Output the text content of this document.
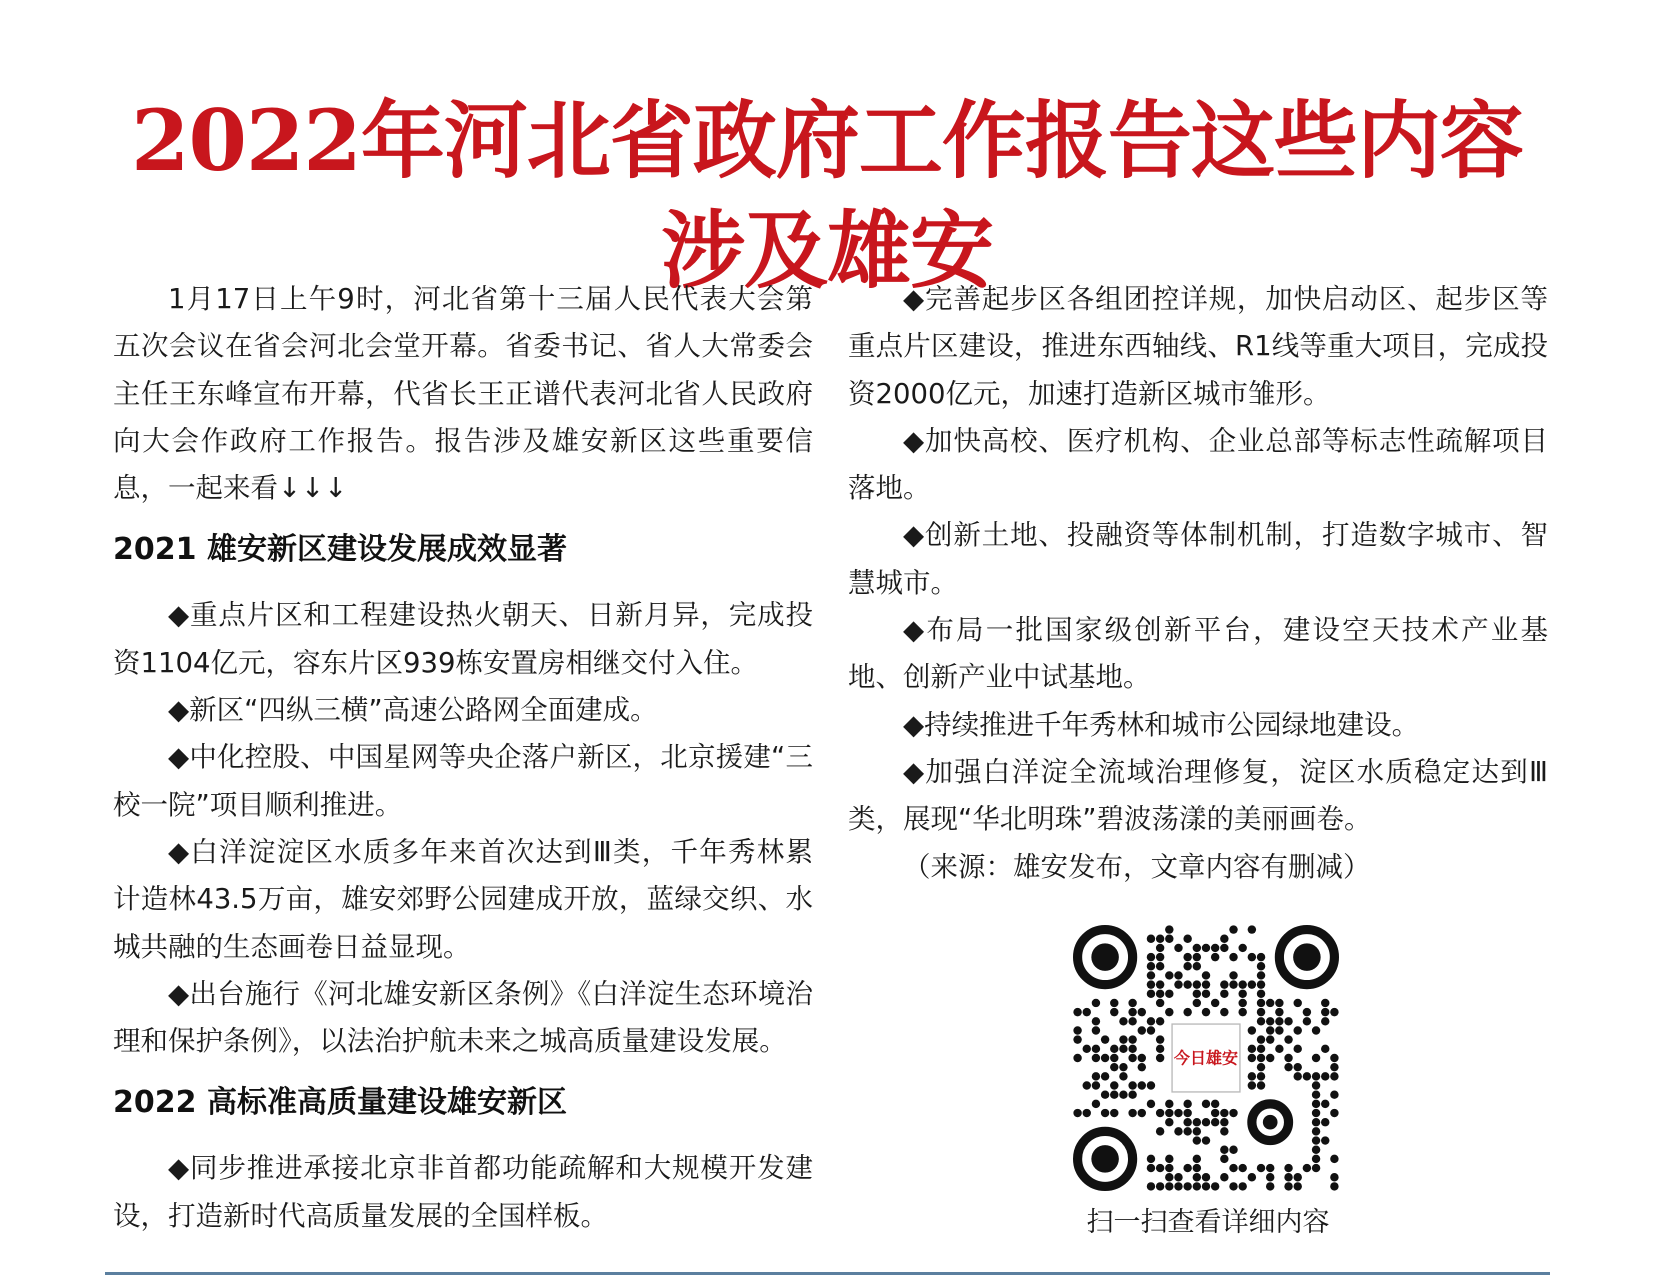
2022年河北省政府工作报告这些内容
涉及雄安

1月17日上午9时，河北省第十三届人民代表大会第五次会议在省会河北会堂开幕。省委书记、省人大常委会主任王东峰宣布开幕，代省长王正谱代表河北省人民政府向大会作政府工作报告。报告涉及雄安新区这些重要信息，一起来看↓↓↓

2021 雄安新区建设发展成效显著

◆重点片区和工程建设热火朝天、日新月异，完成投资1104亿元，容东片区939栋安置房相继交付入住。

◆新区“四纵三横”高速公路网全面建成。

◆中化控股、中国星网等央企落户新区，北京援建“三校一院”项目顺利推进。

◆白洋淀淀区水质多年来首次达到Ⅲ类，千年秀林累计造林43.5万亩，雄安郊野公园建成开放，蓝绿交织、水城共融的生态画卷日益显现。

◆出台施行《河北雄安新区条例》《白洋淀生态环境治理和保护条例》，以法治护航未来之城高质量建设发展。

2022 高标准高质量建设雄安新区

◆同步推进承接北京非首都功能疏解和大规模开发建设，打造新时代高质量发展的全国样板。

◆完善起步区各组团控详规，加快启动区、起步区等重点片区建设，推进东西轴线、R1线等重大项目，完成投资2000亿元，加速打造新区城市雏形。

◆加快高校、医疗机构、企业总部等标志性疏解项目落地。

◆创新土地、投融资等体制机制，打造数字城市、智慧城市。

◆布局一批国家级创新平台，建设空天技术产业基地、创新产业中试基地。

◆持续推进千年秀林和城市公园绿地建设。

◆加强白洋淀全流域治理修复，淀区水质稳定达到Ⅲ类，展现“华北明珠”碧波荡漾的美丽画卷。

（来源：雄安发布，文章内容有删减）

今日雄安
扫一扫查看详细内容
